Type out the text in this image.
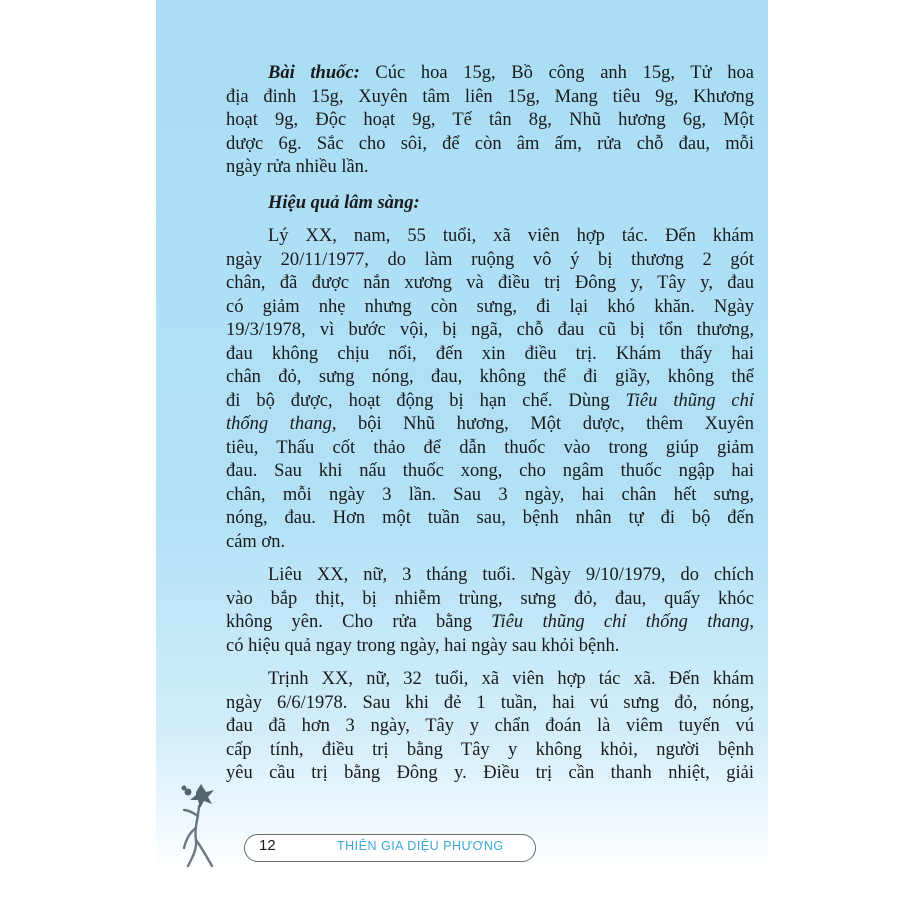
Bài thuốc: Cúc hoa 15g, Bồ công anh 15g, Tử hoa
địa đinh 15g, Xuyên tâm liên 15g, Mang tiêu 9g, Khương
hoạt 9g, Độc hoạt 9g, Tế tân 8g, Nhũ hương 6g, Một
dược 6g. Sắc cho sôi, để còn âm ấm, rửa chỗ đau, mỗi
ngày rửa nhiều lần.
Hiệu quả lâm sàng:
Lý XX, nam, 55 tuổi, xã viên hợp tác. Đến khám
ngày 20/11/1977, do làm ruộng vô ý bị thương 2 gót
chân, đã được nắn xương và điều trị Đông y, Tây y, đau
có giảm nhẹ nhưng còn sưng, đi lại khó khăn. Ngày
19/3/1978, vì bước vội, bị ngã, chỗ đau cũ bị tổn thương,
đau không chịu nổi, đến xin điều trị. Khám thấy hai
chân đỏ, sưng nóng, đau, không thể đi giầy, không thể
đi bộ được, hoạt động bị hạn chế. Dùng Tiêu thũng chỉ
thống thang, bội Nhũ hương, Một dược, thêm Xuyên
tiêu, Thấu cốt thảo để dẫn thuốc vào trong giúp giảm
đau. Sau khi nấu thuốc xong, cho ngâm thuốc ngập hai
chân, mỗi ngày 3 lần. Sau 3 ngày, hai chân hết sưng,
nóng, đau. Hơn một tuần sau, bệnh nhân tự đi bộ đến
cám ơn.
Liêu XX, nữ, 3 tháng tuổi. Ngày 9/10/1979, do chích
vào bắp thịt, bị nhiễm trùng, sưng đỏ, đau, quấy khóc
không yên. Cho rửa bằng Tiêu thũng chỉ thống thang,
có hiệu quả ngay trong ngày, hai ngày sau khỏi bệnh.
Trịnh XX, nữ, 32 tuổi, xã viên hợp tác xã. Đến khám
ngày 6/6/1978. Sau khi đẻ 1 tuần, hai vú sưng đỏ, nóng,
đau đã hơn 3 ngày, Tây y chẩn đoán là viêm tuyến vú
cấp tính, điều trị bằng Tây y không khỏi, người bệnh
yêu cầu trị bằng Đông y. Điều trị cần thanh nhiệt, giải
12	THIÊN GIA DIỆU PHƯƠNG
